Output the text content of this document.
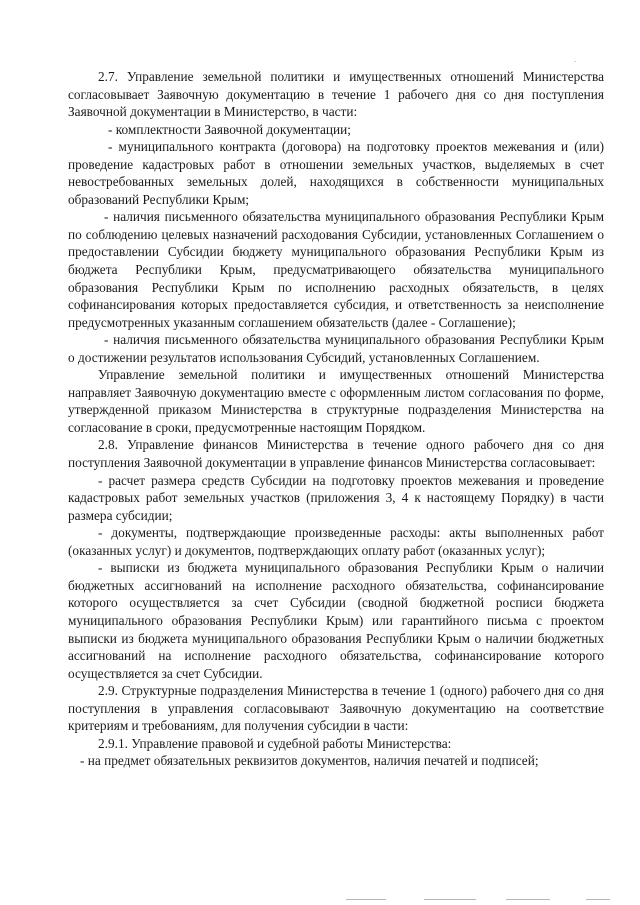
2.7. Управление земельной политики и имущественных отношений Министерства согласовывает Заявочную документацию в течение 1 рабочего дня со дня поступления Заявочной документации в Министерство, в части:

- комплектности Заявочной документации;

- муниципального контракта (договора) на подготовку проектов межевания и (или) проведение кадастровых работ в отношении земельных участков, выделяемых в счет невостребованных земельных долей, находящихся в собственности муниципальных образований Республики Крым;

- наличия письменного обязательства муниципального образования Республики Крым по соблюдению целевых назначений расходования Субсидии, установленных Соглашением о предоставлении Субсидии бюджету муниципального образования Республики Крым из бюджета Республики Крым, предусматривающего обязательства муниципального образования Республики Крым по исполнению расходных обязательств, в целях софинансирования которых предоставляется субсидия, и ответственность за неисполнение предусмотренных указанным соглашением обязательств (далее - Соглашение);

- наличия письменного обязательства муниципального образования Республики Крым о достижении результатов использования Субсидий, установленных Соглашением.

Управление земельной политики и имущественных отношений Министерства направляет Заявочную документацию вместе с оформленным листом согласования по форме, утвержденной приказом Министерства в структурные подразделения Министерства на согласование в сроки, предусмотренные настоящим Порядком.

2.8. Управление финансов Министерства в течение одного рабочего дня со дня поступления Заявочной документации в управление финансов Министерства согласовывает:

- расчет размера средств Субсидии на подготовку проектов межевания и проведение кадастровых работ земельных участков (приложения 3, 4 к настоящему Порядку) в части размера субсидии;

- документы, подтверждающие произведенные расходы: акты выполненных работ (оказанных услуг) и документов, подтверждающих оплату работ (оказанных услуг);

- выписки из бюджета муниципального образования Республики Крым о наличии бюджетных ассигнований на исполнение расходного обязательства, софинансирование которого осуществляется за счет Субсидии (сводной бюджетной росписи бюджета муниципального образования Республики Крым) или гарантийного письма с проектом выписки из бюджета муниципального образования Республики Крым о наличии бюджетных ассигнований на исполнение расходного обязательства, софинансирование которого осуществляется за счет Субсидии.

2.9. Структурные подразделения Министерства в течение 1 (одного) рабочего дня со дня поступления в управления согласовывают Заявочную документацию на соответствие критериям и требованиям, для получения субсидии в части:

2.9.1. Управление правовой и судебной работы Министерства:

- на предмет обязательных реквизитов документов, наличия печатей и подписей;
